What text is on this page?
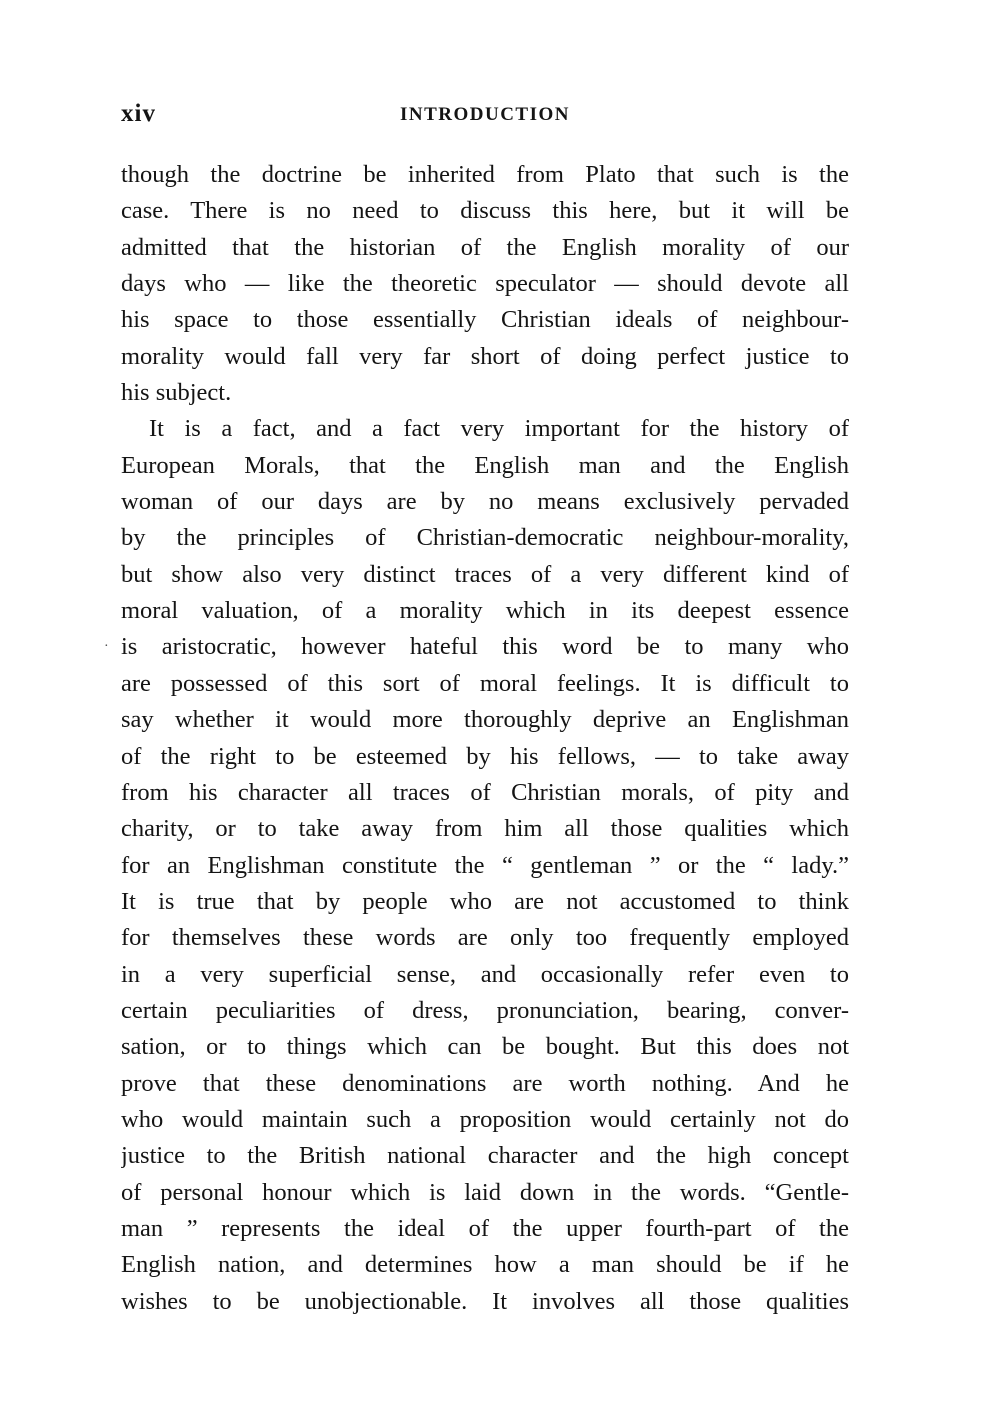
xiv	INTRODUCTION
·
though the doctrine be inherited from Plato that such is the
case. There is no need to discuss this here, but it will be
admitted that the historian of the English morality of our
days who — like the theoretic speculator — should devote all
his space to those essentially Christian ideals of neighbour-
morality would fall very far short of doing perfect justice to
his subject.
It is a fact, and a fact very important for the history of
European Morals, that the English man and the English
woman of our days are by no means exclusively pervaded
by the principles of Christian-democratic neighbour-morality,
but show also very distinct traces of a very different kind of
moral valuation, of a morality which in its deepest essence
is aristocratic, however hateful this word be to many who
are possessed of this sort of moral feelings. It is difficult to
say whether it would more thoroughly deprive an Englishman
of the right to be esteemed by his fellows, — to take away
from his character all traces of Christian morals, of pity and
charity, or to take away from him all those qualities which
for an Englishman constitute the “ gentleman ” or the “ lady.”
It is true that by people who are not accustomed to think
for themselves these words are only too frequently employed
in a very superficial sense, and occasionally refer even to
certain peculiarities of dress, pronunciation, bearing, conver-
sation, or to things which can be bought. But this does not
prove that these denominations are worth nothing. And he
who would maintain such a proposition would certainly not do
justice to the British national character and the high concept
of personal honour which is laid down in the words. “Gentle-
man ” represents the ideal of the upper fourth-part of the
English nation, and determines how a man should be if he
wishes to be unobjectionable. It involves all those qualities
